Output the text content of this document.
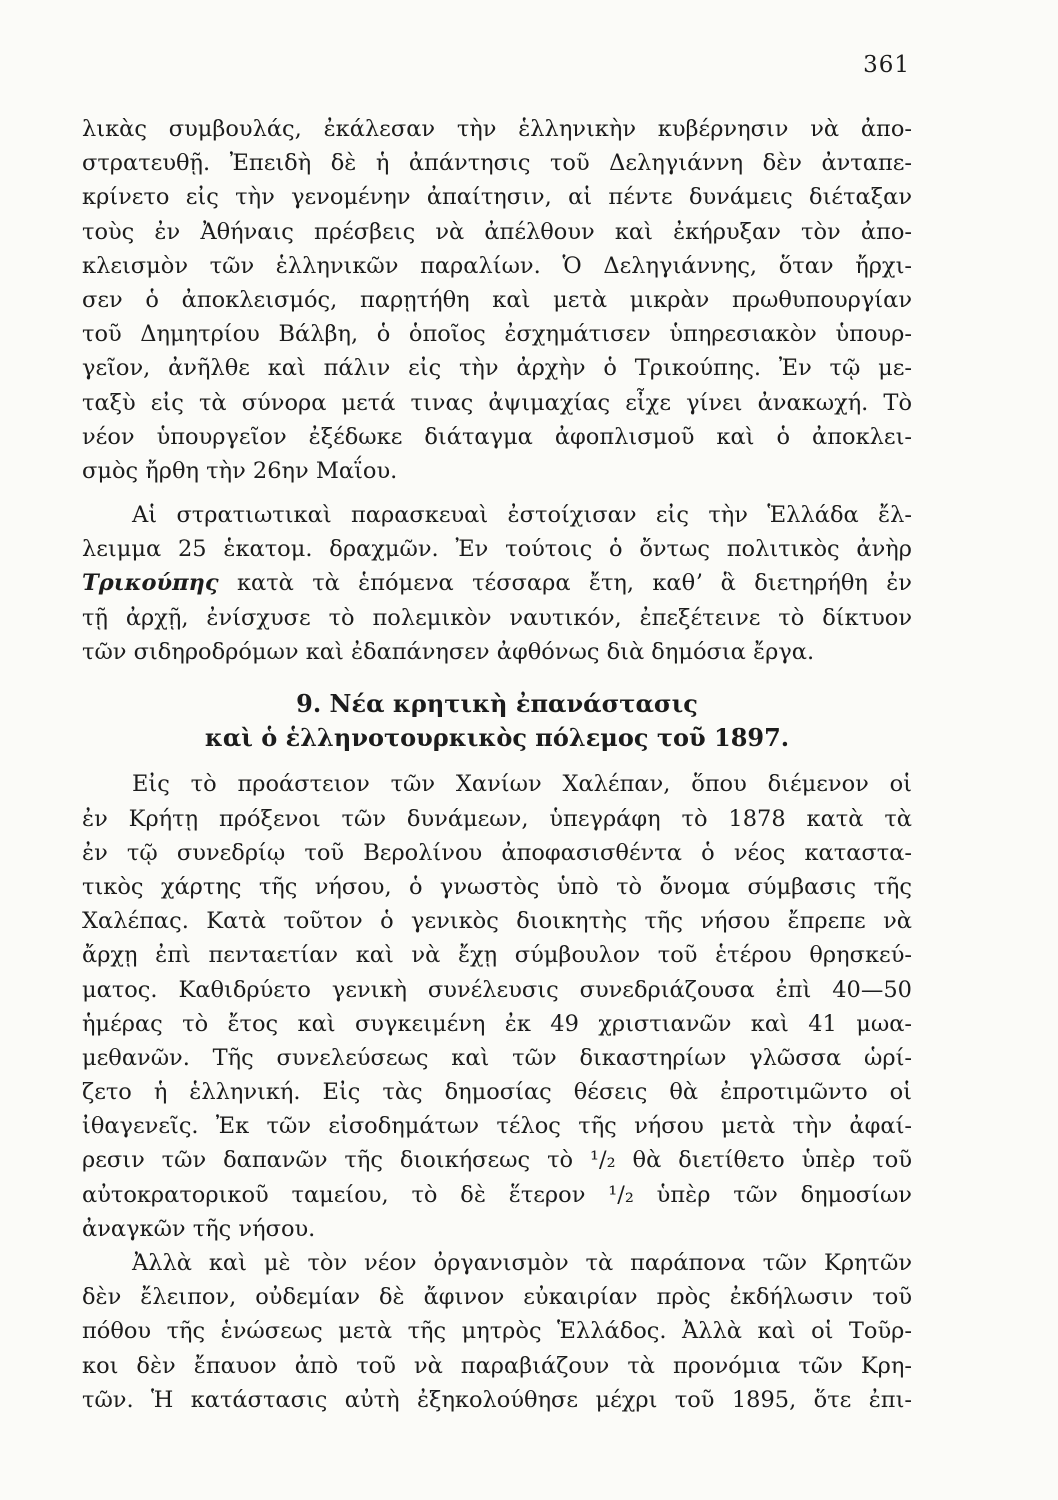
361
λικὰς συμβουλάς, ἐκάλεσαν τὴν ἑλληνικὴν κυβέρνησιν νὰ ἀπο-
στρατευθῇ. Ἐπειδὴ δὲ ἡ ἀπάντησις τοῦ Δεληγιάννη δὲν ἀνταπε-
κρίνετο εἰς τὴν γενομένην ἀπαίτησιν, αἱ πέντε δυνάμεις διέταξαν
τοὺς ἐν Ἀθήναις πρέσβεις νὰ ἀπέλθουν καὶ ἐκήρυξαν τὸν ἀπο-
κλεισμὸν τῶν ἑλληνικῶν παραλίων. Ὁ Δεληγιάννης, ὅταν ἤρχι-
σεν ὁ ἀποκλεισμός, παρῃτήθη καὶ μετὰ μικρὰν πρωθυπουργίαν
τοῦ Δημητρίου Βάλβη, ὁ ὁποῖος ἐσχημάτισεν ὑπηρεσιακὸν ὑπουρ-
γεῖον, ἀνῆλθε καὶ πάλιν εἰς τὴν ἀρχὴν ὁ Τρικούπης. Ἐν τῷ με-
ταξὺ εἰς τὰ σύνορα μετά τινας ἀψιμαχίας εἶχε γίνει ἀνακωχή. Τὸ
νέον ὑπουργεῖον ἐξέδωκε διάταγμα ἀφοπλισμοῦ καὶ ὁ ἀποκλει-
σμὸς ἤρθη τὴν 26ην Μαΐου.
Αἱ στρατιωτικαὶ παρασκευαὶ ἐστοίχισαν εἰς τὴν Ἑλλάδα ἔλ-
λειμμα 25 ἑκατομ. δραχμῶν. Ἐν τούτοις ὁ ὄντως πολιτικὸς ἀνὴρ
Τρικούπης κατὰ τὰ ἑπόμενα τέσσαρα ἔτη, καθʼ ἃ διετηρήθη ἐν
τῇ ἀρχῇ, ἐνίσχυσε τὸ πολεμικὸν ναυτικόν, ἐπεξέτεινε τὸ δίκτυον
τῶν σιδηροδρόμων καὶ ἐδαπάνησεν ἀφθόνως διὰ δημόσια ἔργα.
9. Νέα κρητικὴ ἐπανάστασις
καὶ ὁ ἑλληνοτουρκικὸς πόλεμος τοῦ 1897.
Εἰς τὸ προάστειον τῶν Χανίων Χαλέπαν, ὅπου διέμενον οἱ
ἐν Κρήτῃ πρόξενοι τῶν δυνάμεων, ὑπεγράφη τὸ 1878 κατὰ τὰ
ἐν τῷ συνεδρίῳ τοῦ Βερολίνου ἀποφασισθέντα ὁ νέος καταστα-
τικὸς χάρτης τῆς νήσου, ὁ γνωστὸς ὑπὸ τὸ ὄνομα σύμβασις τῆς
Χαλέπας. Κατὰ τοῦτον ὁ γενικὸς διοικητὴς τῆς νήσου ἔπρεπε νὰ
ἄρχῃ ἐπὶ πενταετίαν καὶ νὰ ἔχῃ σύμβουλον τοῦ ἑτέρου θρησκεύ-
ματος. Καθιδρύετο γενικὴ συνέλευσις συνεδριάζουσα ἐπὶ 40—50
ἡμέρας τὸ ἔτος καὶ συγκειμένη ἐκ 49 χριστιανῶν καὶ 41 μωα-
μεθανῶν. Τῆς συνελεύσεως καὶ τῶν δικαστηρίων γλῶσσα ὡρί-
ζετο ἡ ἑλληνική. Εἰς τὰς δημοσίας θέσεις θὰ ἐπροτιμῶντο οἱ
ἰθαγενεῖς. Ἐκ τῶν εἰσοδημάτων τέλος τῆς νήσου μετὰ τὴν ἀφαί-
ρεσιν τῶν δαπανῶν τῆς διοικήσεως τὸ ¹/₂ θὰ διετίθετο ὑπὲρ τοῦ
αὐτοκρατορικοῦ ταμείου, τὸ δὲ ἕτερον ¹/₂ ὑπὲρ τῶν δημοσίων
ἀναγκῶν τῆς νήσου.
Ἀλλὰ καὶ μὲ τὸν νέον ὀργανισμὸν τὰ παράπονα τῶν Κρητῶν
δὲν ἔλειπον, οὐδεμίαν δὲ ἄφινον εὐκαιρίαν πρὸς ἐκδήλωσιν τοῦ
πόθου τῆς ἑνώσεως μετὰ τῆς μητρὸς Ἑλλάδος. Ἀλλὰ καὶ οἱ Τοῦρ-
κοι δὲν ἔπαυον ἀπὸ τοῦ νὰ παραβιάζουν τὰ προνόμια τῶν Κρη-
τῶν. Ἡ κατάστασις αὐτὴ ἐξηκολούθησε μέχρι τοῦ 1895, ὅτε ἐπι-
